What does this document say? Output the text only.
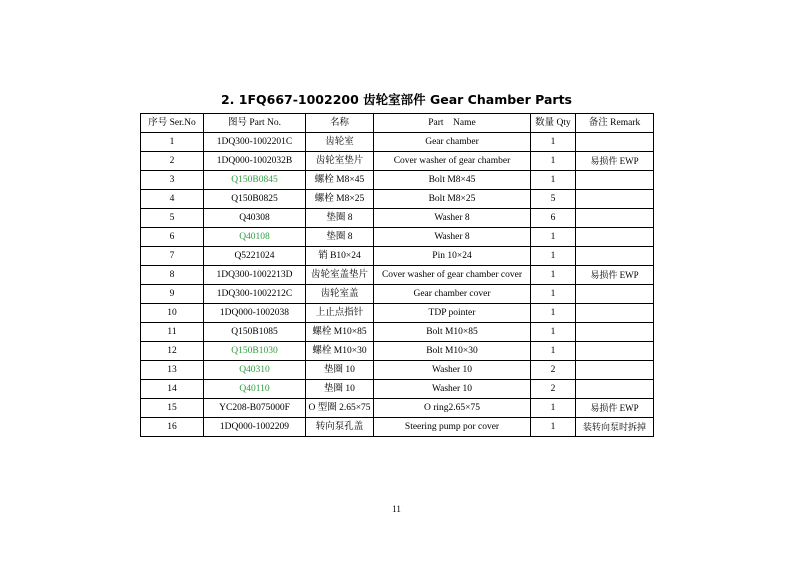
2. 1FQ667-1002200 齿轮室部件 Gear Chamber Parts
序号 Ser.No	图号 Part No.	名称	Part    Name	数量 Qty	备注 Remark
1	1DQ300-1002201C	齿轮室	Gear chamber	1	
2	1DQ000-1002032B	齿轮室垫片	Cover washer of gear chamber	1	易损件 EWP
3	Q150B0845	螺栓 M8×45	Bolt M8×45	1	
4	Q150B0825	螺栓 M8×25	Bolt M8×25	5	
5	Q40308	垫圈 8	Washer 8	6	
6	Q40108	垫圈 8	Washer 8	1	
7	Q5221024	销 B10×24	Pin 10×24	1	
8	1DQ300-1002213D	齿轮室盖垫片	Cover washer of gear chamber cover	1	易损件 EWP
9	1DQ300-1002212C	齿轮室盖	Gear chamber cover	1	
10	1DQ000-1002038	上止点指针	TDP pointer	1	
11	Q150B1085	螺栓 M10×85	Bolt M10×85	1	
12	Q150B1030	螺栓 M10×30	Bolt M10×30	1	
13	Q40310	垫圈 10	Washer 10	2	
14	Q40110	垫圈 10	Washer 10	2	
15	YC208-B075000F	O 型圈 2.65×75	O ring2.65×75	1	易损件 EWP
16	1DQ000-1002209	转向泵孔盖	Steering pump por cover	1	装转向泵时拆掉
11
